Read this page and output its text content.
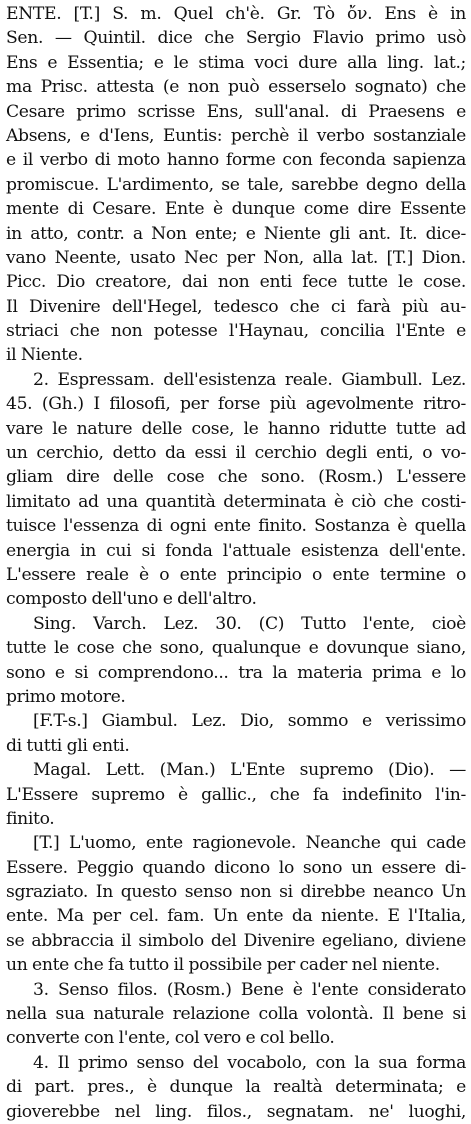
ENTE. [T.] S. m. Quel ch'è. Gr. Τὸ ὄν. Ens è in
Sen. — Quintil. dice che Sergio Flavio primo usò
Ens e Essentia; e le stima voci dure alla ling. lat.;
ma Prisc. attesta (e non può esserselo sognato) che
Cesare primo scrisse Ens, sull'anal. di Praesens e
Absens, e d'Iens, Euntis: perchè il verbo sostanziale
e il verbo di moto hanno forme con feconda sapienza
promiscue. L'ardimento, se tale, sarebbe degno della
mente di Cesare. Ente è dunque come dire Essente
in atto, contr. a Non ente; e Niente gli ant. It. dice-
vano Neente, usato Nec per Non, alla lat. [T.] Dion.
Picc. Dio creatore, dai non enti fece tutte le cose.
Il Divenire dell'Hegel, tedesco che ci farà più au-
striaci che non potesse l'Haynau, concilia l'Ente e
il Niente.
2. Espressam. dell'esistenza reale. Giambull. Lez.
45. (Gh.) I filosofi, per forse più agevolmente ritro-
vare le nature delle cose, le hanno ridutte tutte ad
un cerchio, detto da essi il cerchio degli enti, o vo-
gliam dire delle cose che sono. (Rosm.) L'essere
limitato ad una quantità determinata è ciò che costi-
tuisce l'essenza di ogni ente finito. Sostanza è quella
energia in cui si fonda l'attuale esistenza dell'ente.
L'essere reale è o ente principio o ente termine o
composto dell'uno e dell'altro.
Sing. Varch. Lez. 30. (C) Tutto l'ente, cioè
tutte le cose che sono, qualunque e dovunque siano,
sono e si comprendono... tra la materia prima e lo
primo motore.
[F.T-s.] Giambul. Lez. Dio, sommo e verissimo
di tutti gli enti.
Magal. Lett. (Man.) L'Ente supremo (Dio). —
L'Essere supremo è gallic., che fa indefinito l'in-
finito.
[T.] L'uomo, ente ragionevole. Neanche qui cade
Essere. Peggio quando dicono lo sono un essere di-
sgraziato. In questo senso non si direbbe neanco Un
ente. Ma per cel. fam. Un ente da niente. E l'Italia,
se abbraccia il simbolo del Divenire egeliano, diviene
un ente che fa tutto il possibile per cader nel niente.
3. Senso filos. (Rosm.) Bene è l'ente considerato
nella sua naturale relazione colla volontà. Il bene si
converte con l'ente, col vero e col bello.
4. Il primo senso del vocabolo, con la sua forma
di part. pres., è dunque la realtà determinata; e
gioverebbe nel ling. filos., segnatam. ne' luoghi,
